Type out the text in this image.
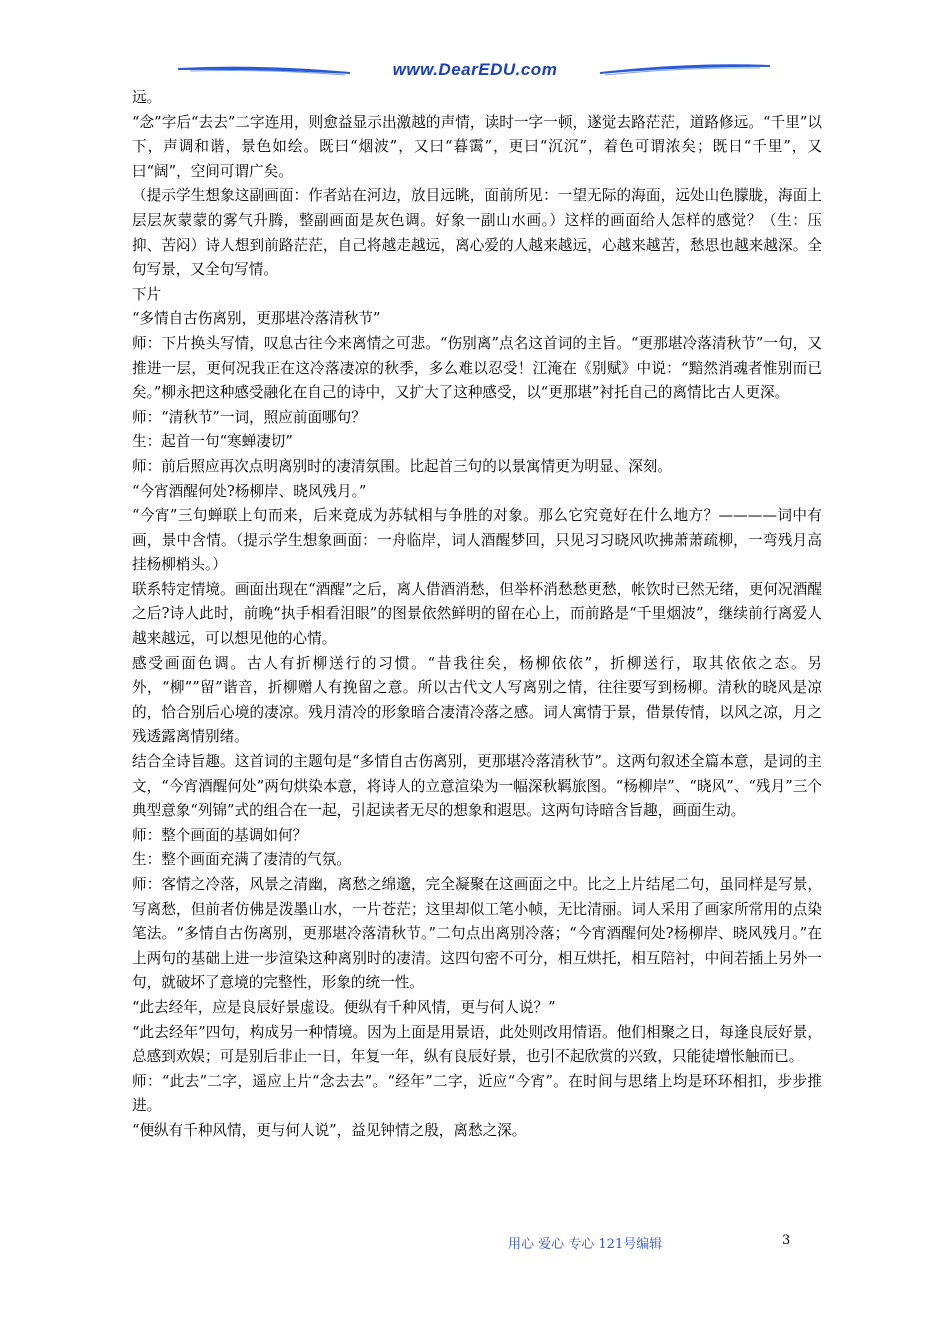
www.DearEDU.com

远。

“念”字后“去去”二字连用，则愈益显示出激越的声情，读时一字一顿，遂觉去路茫茫，道路修远。“千里”以下，声调和谐，景色如绘。既曰“烟波”，又曰“暮霭”，更曰“沉沉”，着色可谓浓矣；既日“千里”，又曰“阔”，空间可谓广矣。

（提示学生想象这副画面：作者站在河边，放目远眺，面前所见：一望无际的海面，远处山色朦胧，海面上层层灰蒙蒙的雾气升腾，整副画面是灰色调。好象一副山水画。）这样的画面给人怎样的感觉？（生：压抑、苦闷）诗人想到前路茫茫，自己将越走越远，离心爱的人越来越远，心越来越苦，愁思也越来越深。全句写景，又全句写情。

下片

“多情自古伤离别，更那堪冷落清秋节”

师：下片换头写情，叹息古往今来离情之可悲。“伤别离”点名这首词的主旨。“更那堪冷落清秋节”一句，又推进一层，更何况我正在这冷落凄凉的秋季，多么难以忍受！江淹在《别赋》中说：“黯然消魂者惟别而已矣。”柳永把这种感受融化在自己的诗中，又扩大了这种感受，以“更那堪”衬托自己的离情比古人更深。

师：“清秋节”一词，照应前面哪句？

生：起首一句“寒蝉凄切”

师：前后照应再次点明离别时的凄清氛围。比起首三句的以景寓情更为明显、深刻。

“今宵酒醒何处?杨柳岸、晓风残月。”

“今宵”三句蝉联上句而来，后来竟成为苏轼相与争胜的对象。那么它究竟好在什么地方？————词中有画，景中含情。（提示学生想象画面：一舟临岸，词人酒醒梦回，只见习习晓风吹拂萧萧疏柳，一弯残月高挂杨柳梢头。）

联系特定情境。画面出现在“酒醒”之后，离人借酒消愁，但举杯消愁愁更愁，帐饮时已然无绪，更何况酒醒之后?诗人此时，前晚“执手相看泪眼”的图景依然鲜明的留在心上，而前路是“千里烟波”，继续前行离爱人越来越远，可以想见他的心情。

感受画面色调。古人有折柳送行的习惯。“昔我往矣，杨柳依依”，折柳送行，取其依依之态。另外，“柳””留”谐音，折柳赠人有挽留之意。所以古代文人写离别之情，往往要写到杨柳。清秋的晓风是凉的，恰合别后心境的凄凉。残月清冷的形象暗合凄清冷落之感。词人寓情于景，借景传情，以风之凉，月之残透露离情别绪。

结合全诗旨趣。这首词的主题句是“多情自古伤离别，更那堪冷落清秋节”。这两句叙述全篇本意，是词的主文，“今宵酒醒何处”两句烘染本意，将诗人的立意渲染为一幅深秋羁旅图。“杨柳岸”、“晓风”、“残月”三个典型意象“列锦”式的组合在一起，引起读者无尽的想象和遐思。这两句诗暗含旨趣，画面生动。

师：整个画面的基调如何？

生：整个画面充满了凄清的气氛。

师：客情之冷落，风景之清幽，离愁之绵邈，完全凝聚在这画面之中。比之上片结尾二句，虽同样是写景，写离愁，但前者仿佛是泼墨山水，一片苍茫；这里却似工笔小帧，无比清丽。词人采用了画家所常用的点染笔法。“多情自古伤离别，更那堪冷落清秋节。”二句点出离别冷落；“今宵酒醒何处?杨柳岸、晓风残月。”在上两句的基础上进一步渲染这种离别时的凄清。这四句密不可分，相互烘托，相互陪衬，中间若插上另外一句，就破坏了意境的完整性，形象的统一性。

“此去经年，应是良辰好景虚设。便纵有千种风情，更与何人说？”

“此去经年”四句，构成另一种情境。因为上面是用景语，此处则改用情语。他们相聚之日，每逢良辰好景，总感到欢娱；可是别后非止一日，年复一年，纵有良辰好景，也引不起欣赏的兴致，只能徒增怅触而已。

师：“此去”二字，遥应上片“念去去”。“经年”二字，近应“今宵”。在时间与思绪上均是环环相扣，步步推进。

“便纵有千种风情，更与何人说”，益见钟情之殷，离愁之深。

用心 爱心 专心 121号编辑	3
